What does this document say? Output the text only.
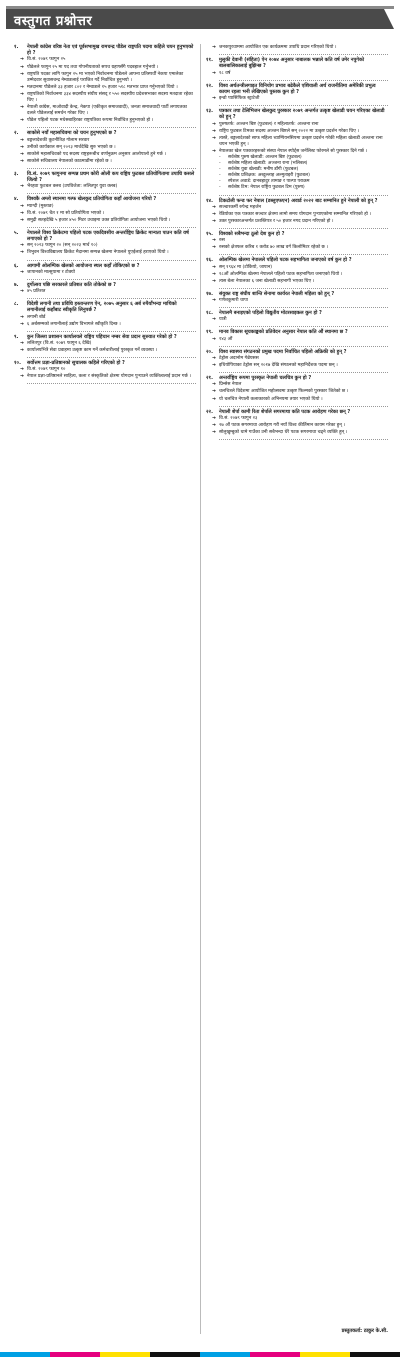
वस्तुगत प्रश्नोत्तर
१.	नेपाली कांग्रेस वरिष्ठ नेता एवं पूर्वसभामुख रामचन्द्र पौडेल राष्ट्रपति पदमा कहिले चयन हुनुभएको हो ?
➔ वि.सं. २०७९ फागुन २५
➔ पौडेलले फागुन २५ मा पद तथा गोपनीयताको सपथ ग्रहणसँगै पदबहाल गर्नुभयो ।
➔ राष्ट्रपति पदका लागि फागुन २५ मा भएको निर्वाचनमा पौडेलले आफ्ना प्रतिस्पर्धी नेकपा एमालेका उम्मेदवार सुवासचन्द्र नेम्वाङलाई पराजित गर्दै निर्वाचित हुनुभयो ।
➔ मतदानमा पौडेलले ३३ हजार ८०२ र नेम्वाङले १५ हजार ५१८ मतभार प्राप्त गर्नुभएको थियो ।
➔ राष्ट्रपतिको निर्वाचनमा ३३४ सदस्यीय संघीय संसद् र ५५० सदस्यीय प्रदेशसभाका सदस्य मतदाता रहेका थिए ।
➔ नेपाली कांग्रेस, माओवादी केन्द्र, नेकपा (एकीकृत समाजवादी), जनता समाजवादी पार्टी लगायतका दलले पौडेललाई समर्थन गरेका थिए ।
➔ पौडेल पहिलो पटक मधेसबाहिरका राष्ट्रपतिका रूपमा निर्वाचित हुनुभएको हो ।
२.	साकोसे नयाँ महासचिवमा को चयन हुनुभएको छ ?
➔ बङ्गलादेशकी कूटनीतिज्ञ गोलाम सरवार
➔ उनीको कार्यकाल सन् २०२३ मार्चदेखि सुरु भएको छ ।
➔ साकोसे महासचिवको पद सदस्य राष्ट्रहरूबीच वर्णानुक्रम अनुसार आलोपालो हुने गर्छ ।
➔ साकोसे सचिवालय नेपालको काठमाडौंमा रहेको छ ।
३.	वि.सं. २०७९ फागुनमा सम्पन्न प्रथम कोरी ओली कप राष्ट्रिय फुटबल प्रतियोगितामा उपाधि कसले जित्यो ?
➔ भैरहवा फुटबल क्लब (उपविजेता: ललितपुर युवा क्लब)
४.	विश्वकै अग्लो स्थानमा गल्फ खेलकुद प्रतियोगिता कहाँ आयोजना गरियो ?
➔ म्याग्दी (मुस्ताङ)
➔ वि.सं. २०७९ चैत १ मा सो प्रतियोगिता भएको ।
➔ समुद्री सतहदेखि ५ हजार ४५० मिटर उचाइमा उक्त प्रतियोगिता आयोजना भएको थियो ।
५.	नेपालले विश्व क्रिकेटमा पहिलो पटक एकदिवसीय अन्तर्राष्ट्रिय क्रिकेट मान्यता पाउन कति वर्ष लगाएको हो ?
➔ सन् २०२३ फागुन २० (सन् २०२३ मार्च १०)
➔ त्रिभुवन विश्वविद्यालय क्रिकेट मैदानमा सम्पन्न खेलमा नेपालले युएईलाई हराएको थियो ।
६.	आगामी ओलम्पिक खेलको आयोजना स्थल कहाँ तोकिएको छ ?
➔ जापानको मात्सुयामा र टोक्यो
७.	दुर्गोत्सव पछि सरकारले प्रतिशत कति तोकेको छ ?
➔ ४५ प्रतिशत
८.	विदेशी लगानी तथा प्रविधि हस्तान्तरण ऐन, २०७५ अनुसार ६ अर्ब रुपैयाँभन्दा माथिको लगानीलाई कहाँबाट स्वीकृति लिनुपर्छ ?
➔ लगानी बोर्ड
➔ ६ अर्बसम्मको लगानीलाई उद्योग विभागले स्वीकृति दिन्छ ।
९.	कुन जिल्ला प्रशासन कार्यालयले राष्ट्रिय पहिचान नम्बर सेवा प्रदान सुरुवात गरेको हो ?
➔ ललितपुर (वि.सं. २०७९ फागुन ६ देखि)
➔ कार्यालयभित्रै सेवा प्रवाहमा उत्कृष्ट काम गर्ने कर्मचारीलाई पुरस्कृत गर्ने व्यवस्था ।
१०.	सर्वोत्तम प्रज्ञा-प्रतिष्ठानको सुचालक कहिले गरिएको हो ?
➔ वि.सं. २०७९ फागुन १०
➔ नेपाल प्रज्ञा-प्रतिष्ठानले साहित्य, कला र संस्कृतिको क्षेत्रमा योगदान पुऱ्याउने व्यक्तित्वलाई प्रदान गर्छ ।
➔ जनकपुरधाममा आयोजित एक कार्यक्रममा उपाधि प्रदान गरिएको थियो ।
११.	मुलुकी देवानी (संहिता) ऐन २०७४ अनुसार नाबालक भन्नाले कति वर्ष उमेर नपुगेको बालबालिकालाई बुझिन्छ ?
➔ १८ वर्ष
१२.	विश्व अर्थतन्त्रीलगाइत विनियोग प्रभाव बढेकैले एशियाली अर्थ राजनीतिमा अमेरिकी प्रभुत्व कायम रहला भनी लेखिएको पुस्तक कुन हो ?
➔ इन्डो प्यासिफिक स्ट्राटेजी
१३.	पत्रकार तथा टेलिभिजन खेलकुद पुरस्कार २०७९ अन्तर्गत उत्कृष्ट खेलाडी चयन गरिएका खेलाडी को हुन् ?
➔ पुरुषतर्फ: अञ्जन बिष्ट (फुटबल) र महिलातर्फ: अञ्जना राना
➔ राष्ट्रिय फुटबल टिमका सदस्य अञ्जन बिष्टले सन् २०२२ मा उत्कृष्ट प्रदर्शन गरेका थिए ।
➔ त्यस्तै, बङ्गलादेशको साफ महिला च्याम्पियनसिपमा उत्कृष्ट प्रदर्शन गरेकी महिला खेलाडी अञ्जना राना चयन भएकी हुन् ।
➔ नेपालका खेल पत्रकारहरूको संस्था नेपाल स्पोर्ट्स जर्नलिस्ट फोरमले सो पुरस्कार दिने गर्छ ।
-	सर्वश्रेष्ठ पुरुष खेलाडी: अञ्जन बिष्ट (फुटबल)
-	सर्वश्रेष्ठ महिला खेलाडी: अञ्जना राना (भलिबल)
-	सर्वश्रेष्ठ युवा खेलाडी: मनीष डाँगी (फुटबल)
-	सर्वश्रेष्ठ प्रशिक्षक: अब्दुल्लाह अल्मुताइरी (फुटबल)
-	स्पेशल अवार्ड: दानबहादुर तामाङ र पाल्पा पराक्रम
-	सर्वश्रेष्ठ टिम: नेपाल राष्ट्रिय फुटबल टिम (पुरुष)
१४.	टिकटोली फन्ड फर नेपाल (डब्लुएफएन) अवार्ड २०२२ बाट सम्मानित हुने नेपाली को हुन् ?
➔ सञ्चारकर्मी रुपेन्द्र महर्जन
➔ रेडियोका एक पत्रकार सञ्चार क्षेत्रमा लामो समय योगदान पुऱ्याएकोमा सम्मानित गरिएको हो ।
➔ उक्त पुरस्कारअन्तर्गत प्रशस्तिपत्र र ५० हजार नगद प्रदान गरिएको हो ।
१५.	विश्वको सबैभन्दा ठूलो देश कुन हो ?
➔ रुस
➔ रुसको क्षेत्रफल करिब १ करोड ७० लाख वर्ग किलोमिटर रहेको छ ।
१६.	ओलम्पिक खेलमा नेपालले पहिलो पटक सहभागिता जनाएको वर्ष कुन हो ?
➔ सन् १९६४ मा (टोकियो, जापान)
➔ १८औं ओलम्पिक खेलमा नेपालले पहिलो पटक सहभागिता जनाएको थियो ।
➔ त्यस बेला नेपालका ६ जना खेलाडी सहभागी भएका थिए ।
१७.	संयुक्त राष्ट्र संघीय शान्ति सेनामा कार्यरत नेपाली महिला को हुन् ?
➔ गणेशकुमारी थापा
१८.	नेपालमै बनाइएको पहिलो विद्युतीय मोटरसाइकल कुन हो ?
➔ यात्री
१९.	मानव विकास सूचकाङ्कको प्रतिवेदन अनुसार नेपाल कति औं स्थानमा छ ?
➔ १४३ औं
२०.	विश्व स्वास्थ्य संगठनको प्रमुख पदमा निर्वाचित पहिलो अफ्रिकी को हुन् ?
➔ टेड्रोस अदानोम गेब्रेयसस
➔ इथियोपियाका टेड्रोस सन् २०१७ देखि संगठनको महानिर्देशक पदमा छन् ।
२१.	अन्तर्राष्ट्रिय रूपमा पुरस्कृत नेपाली चलचित्र कुन हो ?
➔ प्रिन्सेस नेपाल
➔ चलचित्रले विदेशमा आयोजित महोत्सवमा उत्कृष्ट फिल्मको पुरस्कार जितेको छ ।
➔ यो चलचित्र नेपाली कलाकारको अभिनयमा तयार भएको थियो ।
२२.	नेपाली शेर्पा कामी रिता शेर्पाले सगरमाथा कति पटक आरोहण गरेका छन् ?
➔ वि.सं. २०७९ फागुन २३
➔ २७ औं पटक सगरमाथा आरोहण गरी नयाँ विश्व कीर्तिमान कायम गरेका हुन् ।
➔ सोलुखुम्बुको थामे गाउँका उनी सबैभन्दा धेरै पटक सगरमाथा चढ्ने व्यक्ति हुन् ।
प्रस्तुतकर्ता: ठाकुर के.सी.
